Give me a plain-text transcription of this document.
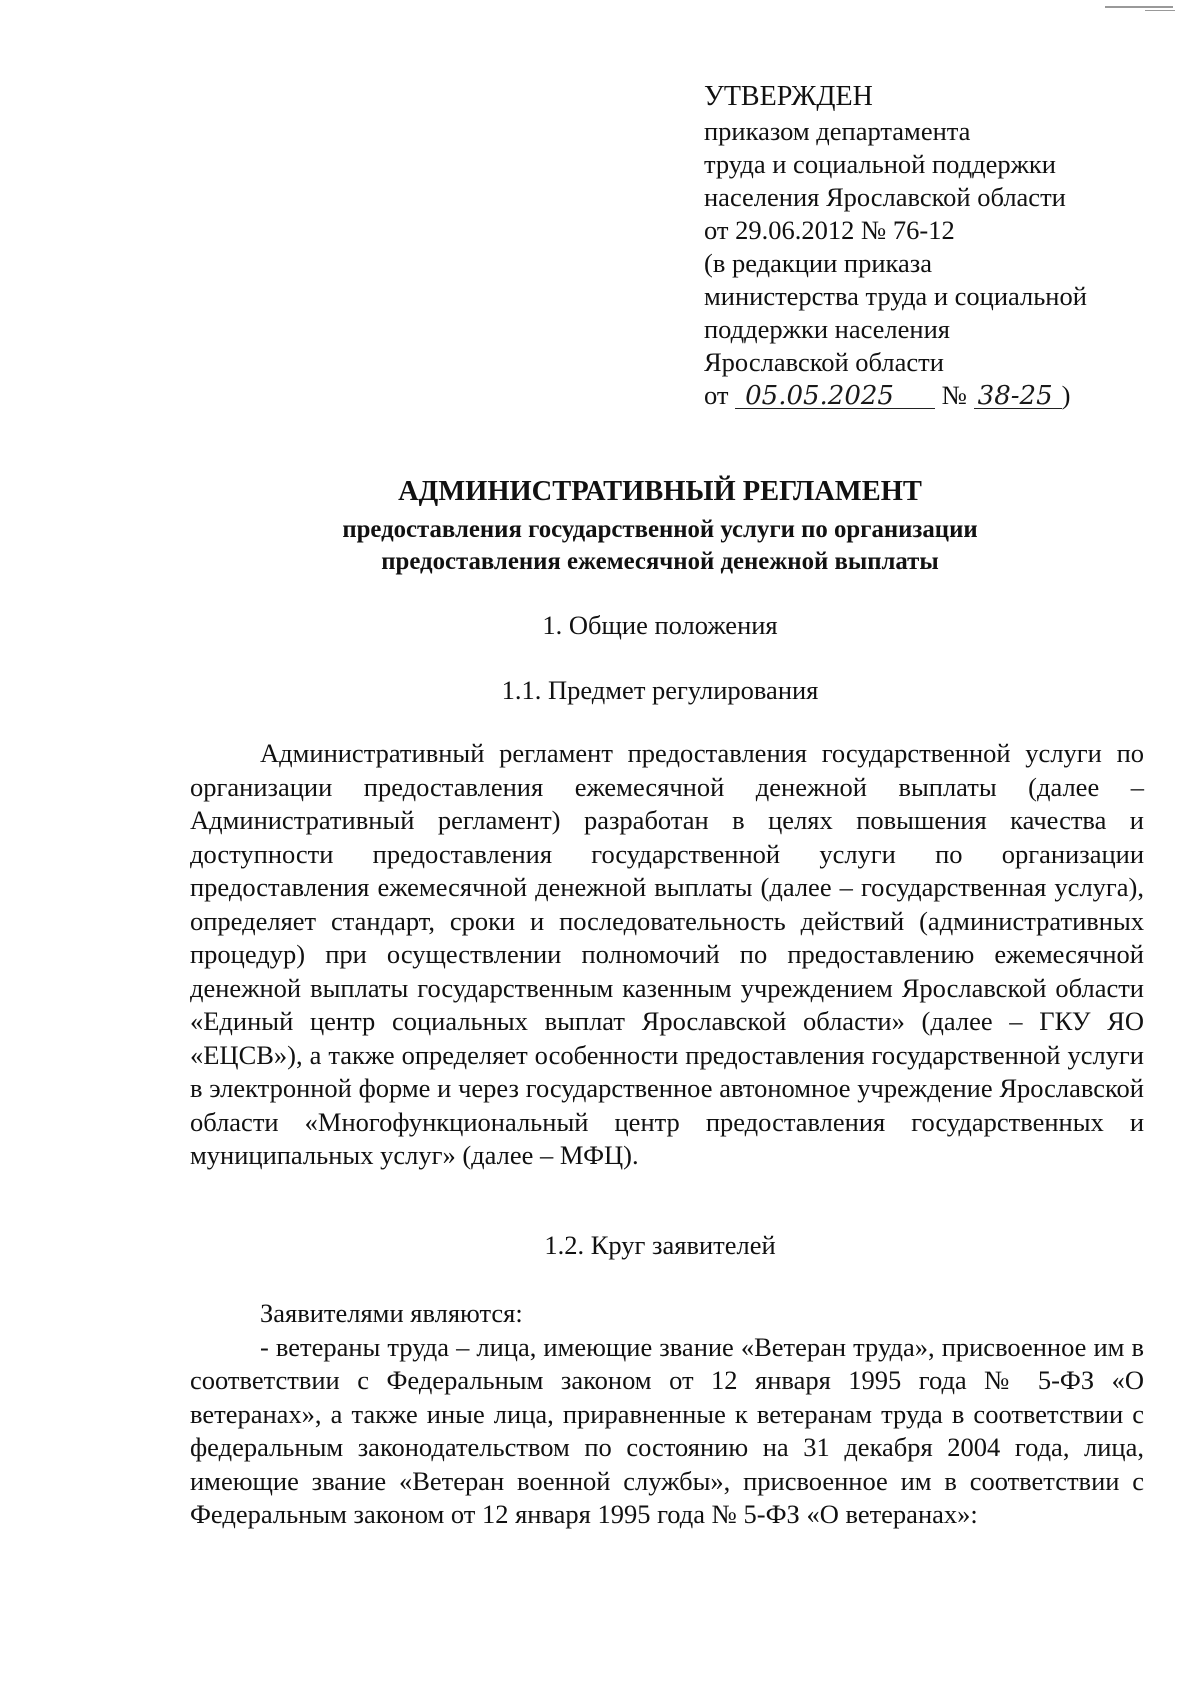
УТВЕРЖДЕН
приказом департамента
труда и социальной поддержки
населения Ярославской области
от 29.06.2012 № 76-12
(в редакции приказа
министерства труда и социальной
поддержки населения
Ярославской области
от 05.05.2025 № 38-25 )
АДМИНИСТРАТИВНЫЙ РЕГЛАМЕНТ
предоставления государственной услуги по организации
предоставления ежемесячной денежной выплаты
1. Общие положения
1.1. Предмет регулирования

Административный регламент предоставления государственной услуги по организации предоставления ежемесячной денежной выплаты (далее – Административный регламент) разработан в целях повышения качества и доступности предоставления государственной услуги по организации предоставления ежемесячной денежной выплаты (далее – государственная услуга), определяет стандарт, сроки и последовательность действий (административных процедур) при осуществлении полномочий по предоставлению ежемесячной денежной выплаты государственным казенным учреждением Ярославской области «Единый центр социальных выплат Ярославской области» (далее – ГКУ ЯО «ЕЦСВ»), а также определяет особенности предоставления государственной услуги в электронной форме и через государственное автономное учреждение Ярославской области «Многофункциональный центр предоставления государственных и муниципальных услуг» (далее – МФЦ).

1.2. Круг заявителей

Заявителями являются:

- ветераны труда – лица, имеющие звание «Ветеран труда», присвоенное им в соответствии с Федеральным законом от 12 января 1995 года № 5-ФЗ «О ветеранах», а также иные лица, приравненные к ветеранам труда в соответствии с федеральным законодательством по состоянию на 31 декабря 2004 года, лица, имеющие звание «Ветеран военной службы», присвоенное им в соответствии с Федеральным законом от 12 января 1995 года № 5-ФЗ «О ветеранах»:
